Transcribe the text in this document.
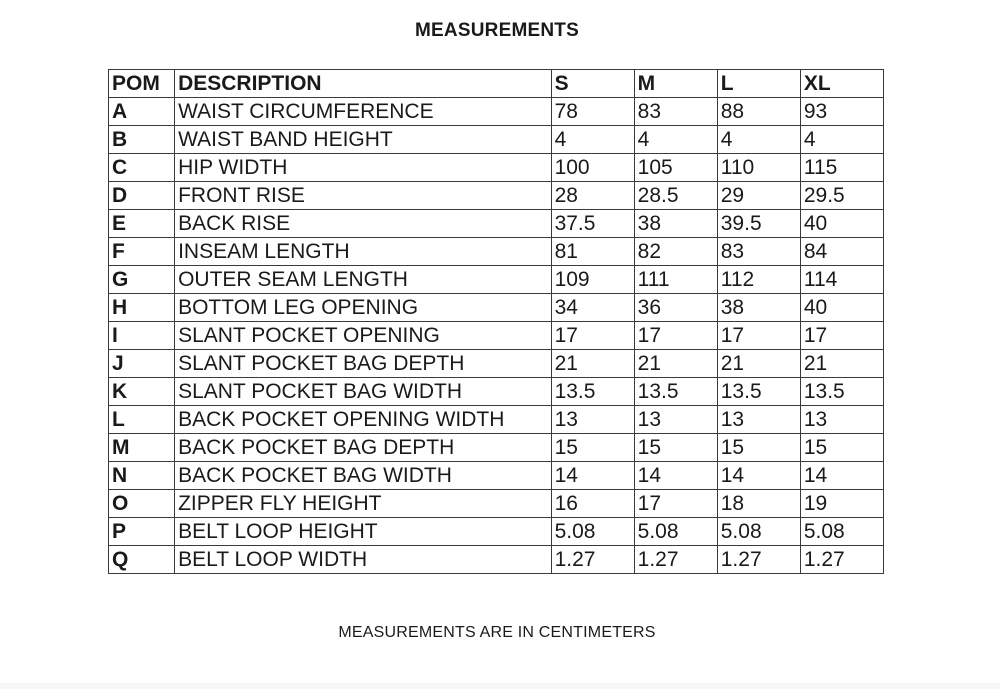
MEASUREMENTS
POM	DESCRIPTION	S	M	L	XL
A	WAIST CIRCUMFERENCE	78	83	88	93
B	WAIST BAND HEIGHT	4	4	4	4
C	HIP WIDTH	100	105	110	115
D	FRONT RISE	28	28.5	29	29.5
E	BACK RISE	37.5	38	39.5	40
F	INSEAM LENGTH	81	82	83	84
G	OUTER SEAM LENGTH	109	111	112	114
H	BOTTOM LEG OPENING	34	36	38	40
I	SLANT POCKET OPENING	17	17	17	17
J	SLANT POCKET BAG DEPTH	21	21	21	21
K	SLANT POCKET BAG WIDTH	13.5	13.5	13.5	13.5
L	BACK POCKET OPENING WIDTH	13	13	13	13
M	BACK POCKET BAG DEPTH	15	15	15	15
N	BACK POCKET BAG WIDTH	14	14	14	14
O	ZIPPER FLY HEIGHT	16	17	18	19
P	BELT LOOP HEIGHT	5.08	5.08	5.08	5.08
Q	BELT LOOP WIDTH	1.27	1.27	1.27	1.27
MEASUREMENTS ARE IN CENTIMETERS
